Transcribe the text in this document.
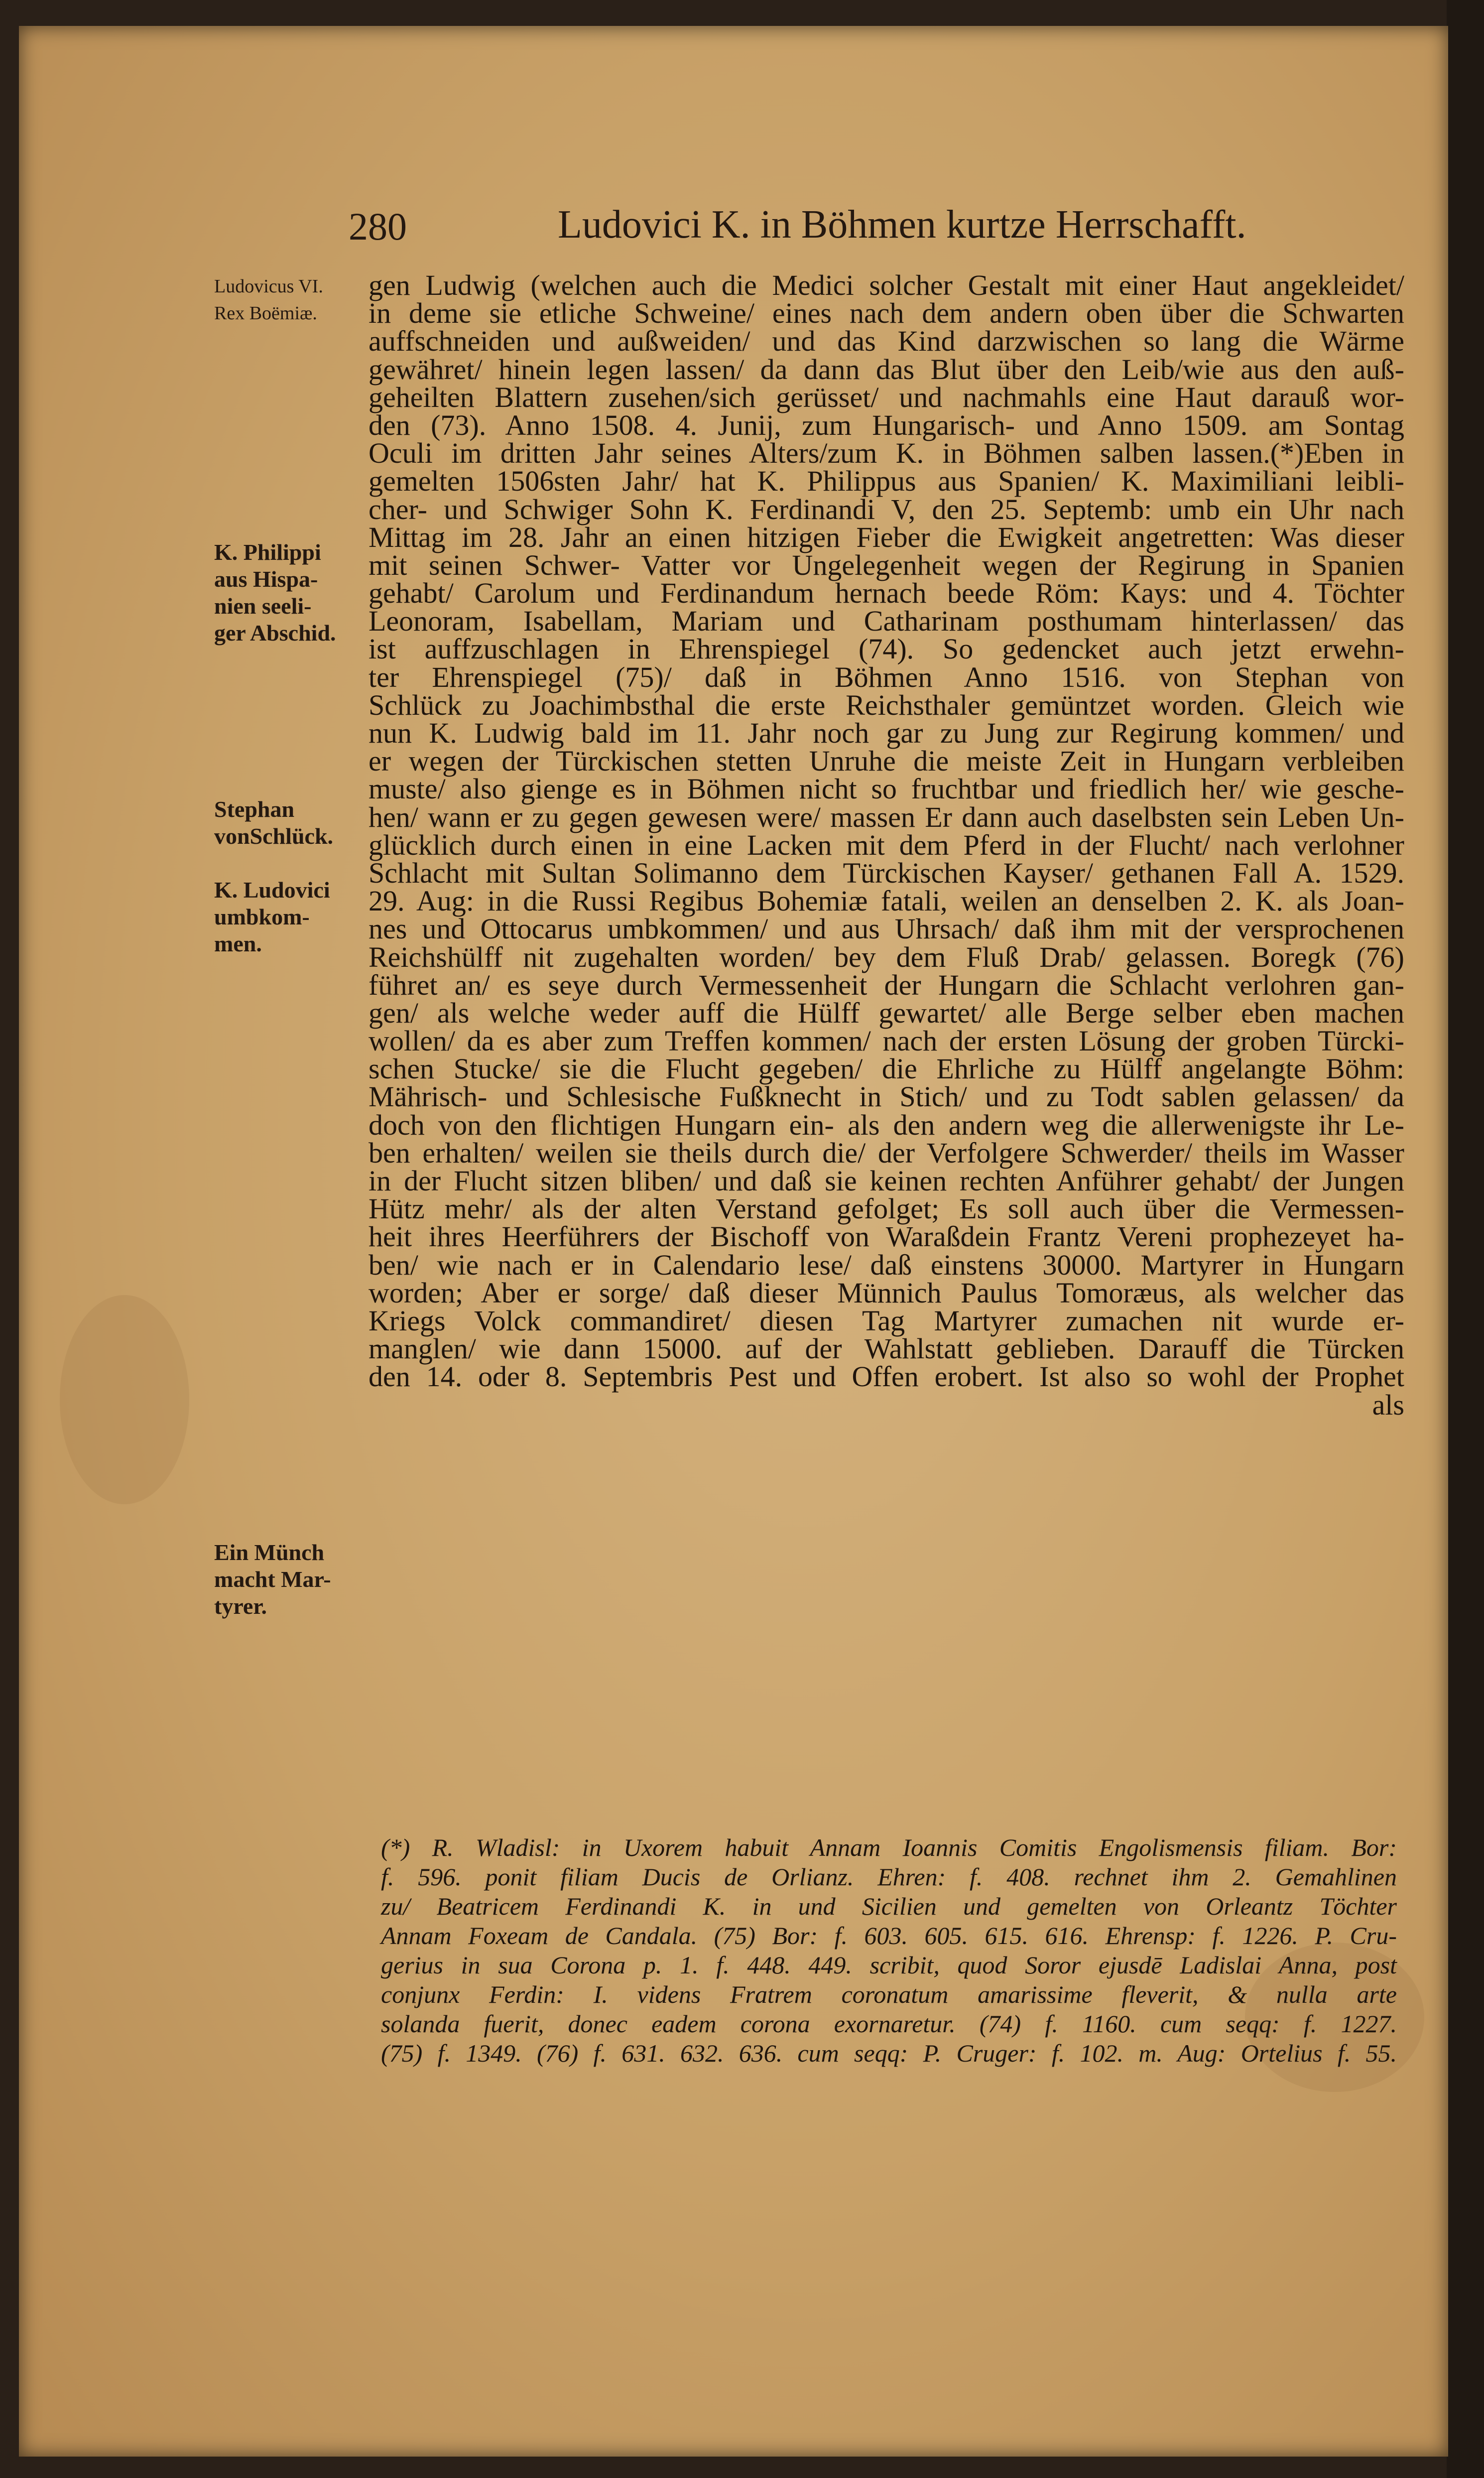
280	Ludovici K. in Böhmen kurtze Herrschafft.
Ludovicus VI.
Rex Boëmiæ.
K. Philippi
aus Hispa-
nien seeli-
ger Abschid.
Stephan
vonSchlück.
K. Ludovici
umbkom-
men.
Ein Münch
macht Mar-
tyrer.
gen Ludwig (welchen auch die Medici solcher Gestalt mit einer Haut angekleidet/
in deme sie etliche Schweine/ eines nach dem andern oben über die Schwarten
auffschneiden und außweiden/ und das Kind darzwischen so lang die Wärme
gewähret/ hinein legen lassen/ da dann das Blut über den Leib/wie aus den auß-
geheilten Blattern zusehen/sich gerüsset/ und nachmahls eine Haut darauß wor-
den (73). Anno 1508. 4. Junij, zum Hungarisch- und Anno 1509. am Sontag
Oculi im dritten Jahr seines Alters/zum K. in Böhmen salben lassen.(*)Eben in
gemelten 1506sten Jahr/ hat K. Philippus aus Spanien/ K. Maximiliani leibli-
cher- und Schwiger Sohn K. Ferdinandi V, den 25. Septemb: umb ein Uhr nach
Mittag im 28. Jahr an einen hitzigen Fieber die Ewigkeit angetretten: Was dieser
mit seinen Schwer- Vatter vor Ungelegenheit wegen der Regirung in Spanien
gehabt/ Carolum und Ferdinandum hernach beede Röm: Kays: und 4. Töchter
Leonoram, Isabellam, Mariam und Catharinam posthumam hinterlassen/ das
ist auffzuschlagen in Ehrenspiegel (74). So gedencket auch jetzt erwehn-
ter Ehrenspiegel (75)/ daß in Böhmen Anno 1516. von Stephan von
Schlück zu Joachimbsthal die erste Reichsthaler gemüntzet worden. Gleich wie
nun K. Ludwig bald im 11. Jahr noch gar zu Jung zur Regirung kommen/ und
er wegen der Türckischen stetten Unruhe die meiste Zeit in Hungarn verbleiben
muste/ also gienge es in Böhmen nicht so fruchtbar und friedlich her/ wie gesche-
hen/ wann er zu gegen gewesen were/ massen Er dann auch daselbsten sein Leben Un-
glücklich durch einen in eine Lacken mit dem Pferd in der Flucht/ nach verlohner
Schlacht mit Sultan Solimanno dem Türckischen Kayser/ gethanen Fall A. 1529.
29. Aug: in die Russi Regibus Bohemiæ fatali, weilen an denselben 2. K. als Joan-
nes und Ottocarus umbkommen/ und aus Uhrsach/ daß ihm mit der versprochenen
Reichshülff nit zugehalten worden/ bey dem Fluß Drab/ gelassen. Boregk (76)
führet an/ es seye durch Vermessenheit der Hungarn die Schlacht verlohren gan-
gen/ als welche weder auff die Hülff gewartet/ alle Berge selber eben machen
wollen/ da es aber zum Treffen kommen/ nach der ersten Lösung der groben Türcki-
schen Stucke/ sie die Flucht gegeben/ die Ehrliche zu Hülff angelangte Böhm:
Mährisch- und Schlesische Fußknecht in Stich/ und zu Todt sablen gelassen/ da
doch von den flichtigen Hungarn ein- als den andern weg die allerwenigste ihr Le-
ben erhalten/ weilen sie theils durch die/ der Verfolgere Schwerder/ theils im Wasser
in der Flucht sitzen bliben/ und daß sie keinen rechten Anführer gehabt/ der Jungen
Hütz mehr/ als der alten Verstand gefolget; Es soll auch über die Vermessen-
heit ihres Heerführers der Bischoff von Waraßdein Frantz Vereni prophezeyet ha-
ben/ wie nach er in Calendario lese/ daß einstens 30000. Martyrer in Hungarn
worden; Aber er sorge/ daß dieser Münnich Paulus Tomoræus, als welcher das
Kriegs Volck commandiret/ diesen Tag Martyrer zumachen nit wurde er-
manglen/ wie dann 15000. auf der Wahlstatt geblieben. Darauff die Türcken
den 14. oder 8. Septembris Pest und Offen erobert. Ist also so wohl der Prophet
als
(*) R. Wladisl: in Uxorem habuit Annam Ioannis Comitis Engolismensis filiam. Bor:
f. 596. ponit filiam Ducis de Orlianz. Ehren: f. 408. rechnet ihm 2. Gemahlinen
zu/ Beatricem Ferdinandi K. in und Sicilien und gemelten von Orleantz Töchter
Annam Foxeam de Candala. (75) Bor: f. 603. 605. 615. 616. Ehrensp: f. 1226. P. Cru-
gerius in sua Corona p. 1. f. 448. 449. scribit, quod Soror ejusdē Ladislai Anna, post
conjunx Ferdin: I. videns Fratrem coronatum amarissime fleverit, & nulla arte
solanda fuerit, donec eadem corona exornaretur. (74) f. 1160. cum seqq: f. 1227.
(75) f. 1349. (76) f. 631. 632. 636. cum seqq: P. Cruger: f. 102. m. Aug: Ortelius f. 55.
